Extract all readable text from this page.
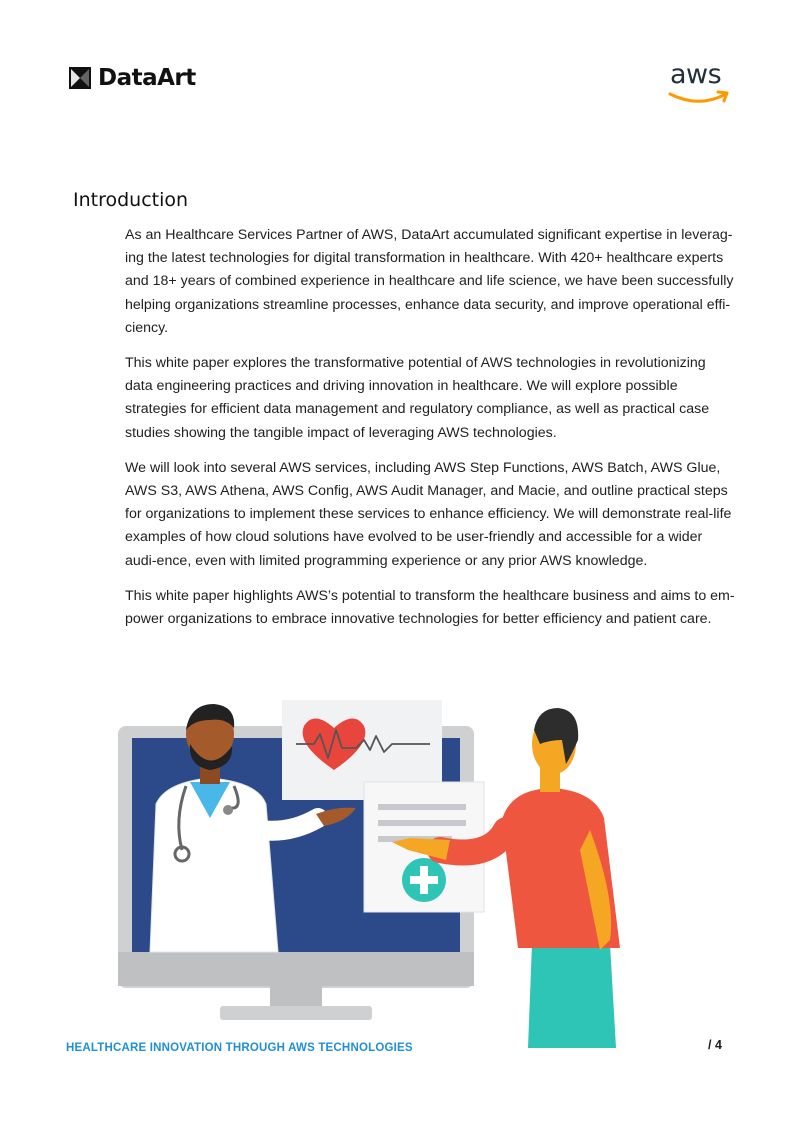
DataArt	aws
Introduction

As an Healthcare Services Partner of AWS, DataArt accumulated significant expertise in leverag-ing the latest technologies for digital transformation in healthcare. With 420+ healthcare experts and 18+ years of combined experience in healthcare and life science, we have been successfully helping organizations streamline processes, enhance data security, and improve operational effi-ciency.

This white paper explores the transformative potential of AWS technologies in revolutionizing data engineering practices and driving innovation in healthcare. We will explore possible strategies for efficient data management and regulatory compliance, as well as practical case studies showing the tangible impact of leveraging AWS technologies.

We will look into several AWS services, including AWS Step Functions, AWS Batch, AWS Glue, AWS S3, AWS Athena, AWS Config, AWS Audit Manager, and Macie, and outline practical steps for organizations to implement these services to enhance efficiency. We will demonstrate real-life examples of how cloud solutions have evolved to be user-friendly and accessible for a wider audi-ence, even with limited programming experience or any prior AWS knowledge.

This white paper highlights AWS’s potential to transform the healthcare business and aims to em-power organizations to embrace innovative technologies for better efficiency and patient care.

HEALTHCARE INNOVATION THROUGH AWS TECHNOLOGIES	/ 4
